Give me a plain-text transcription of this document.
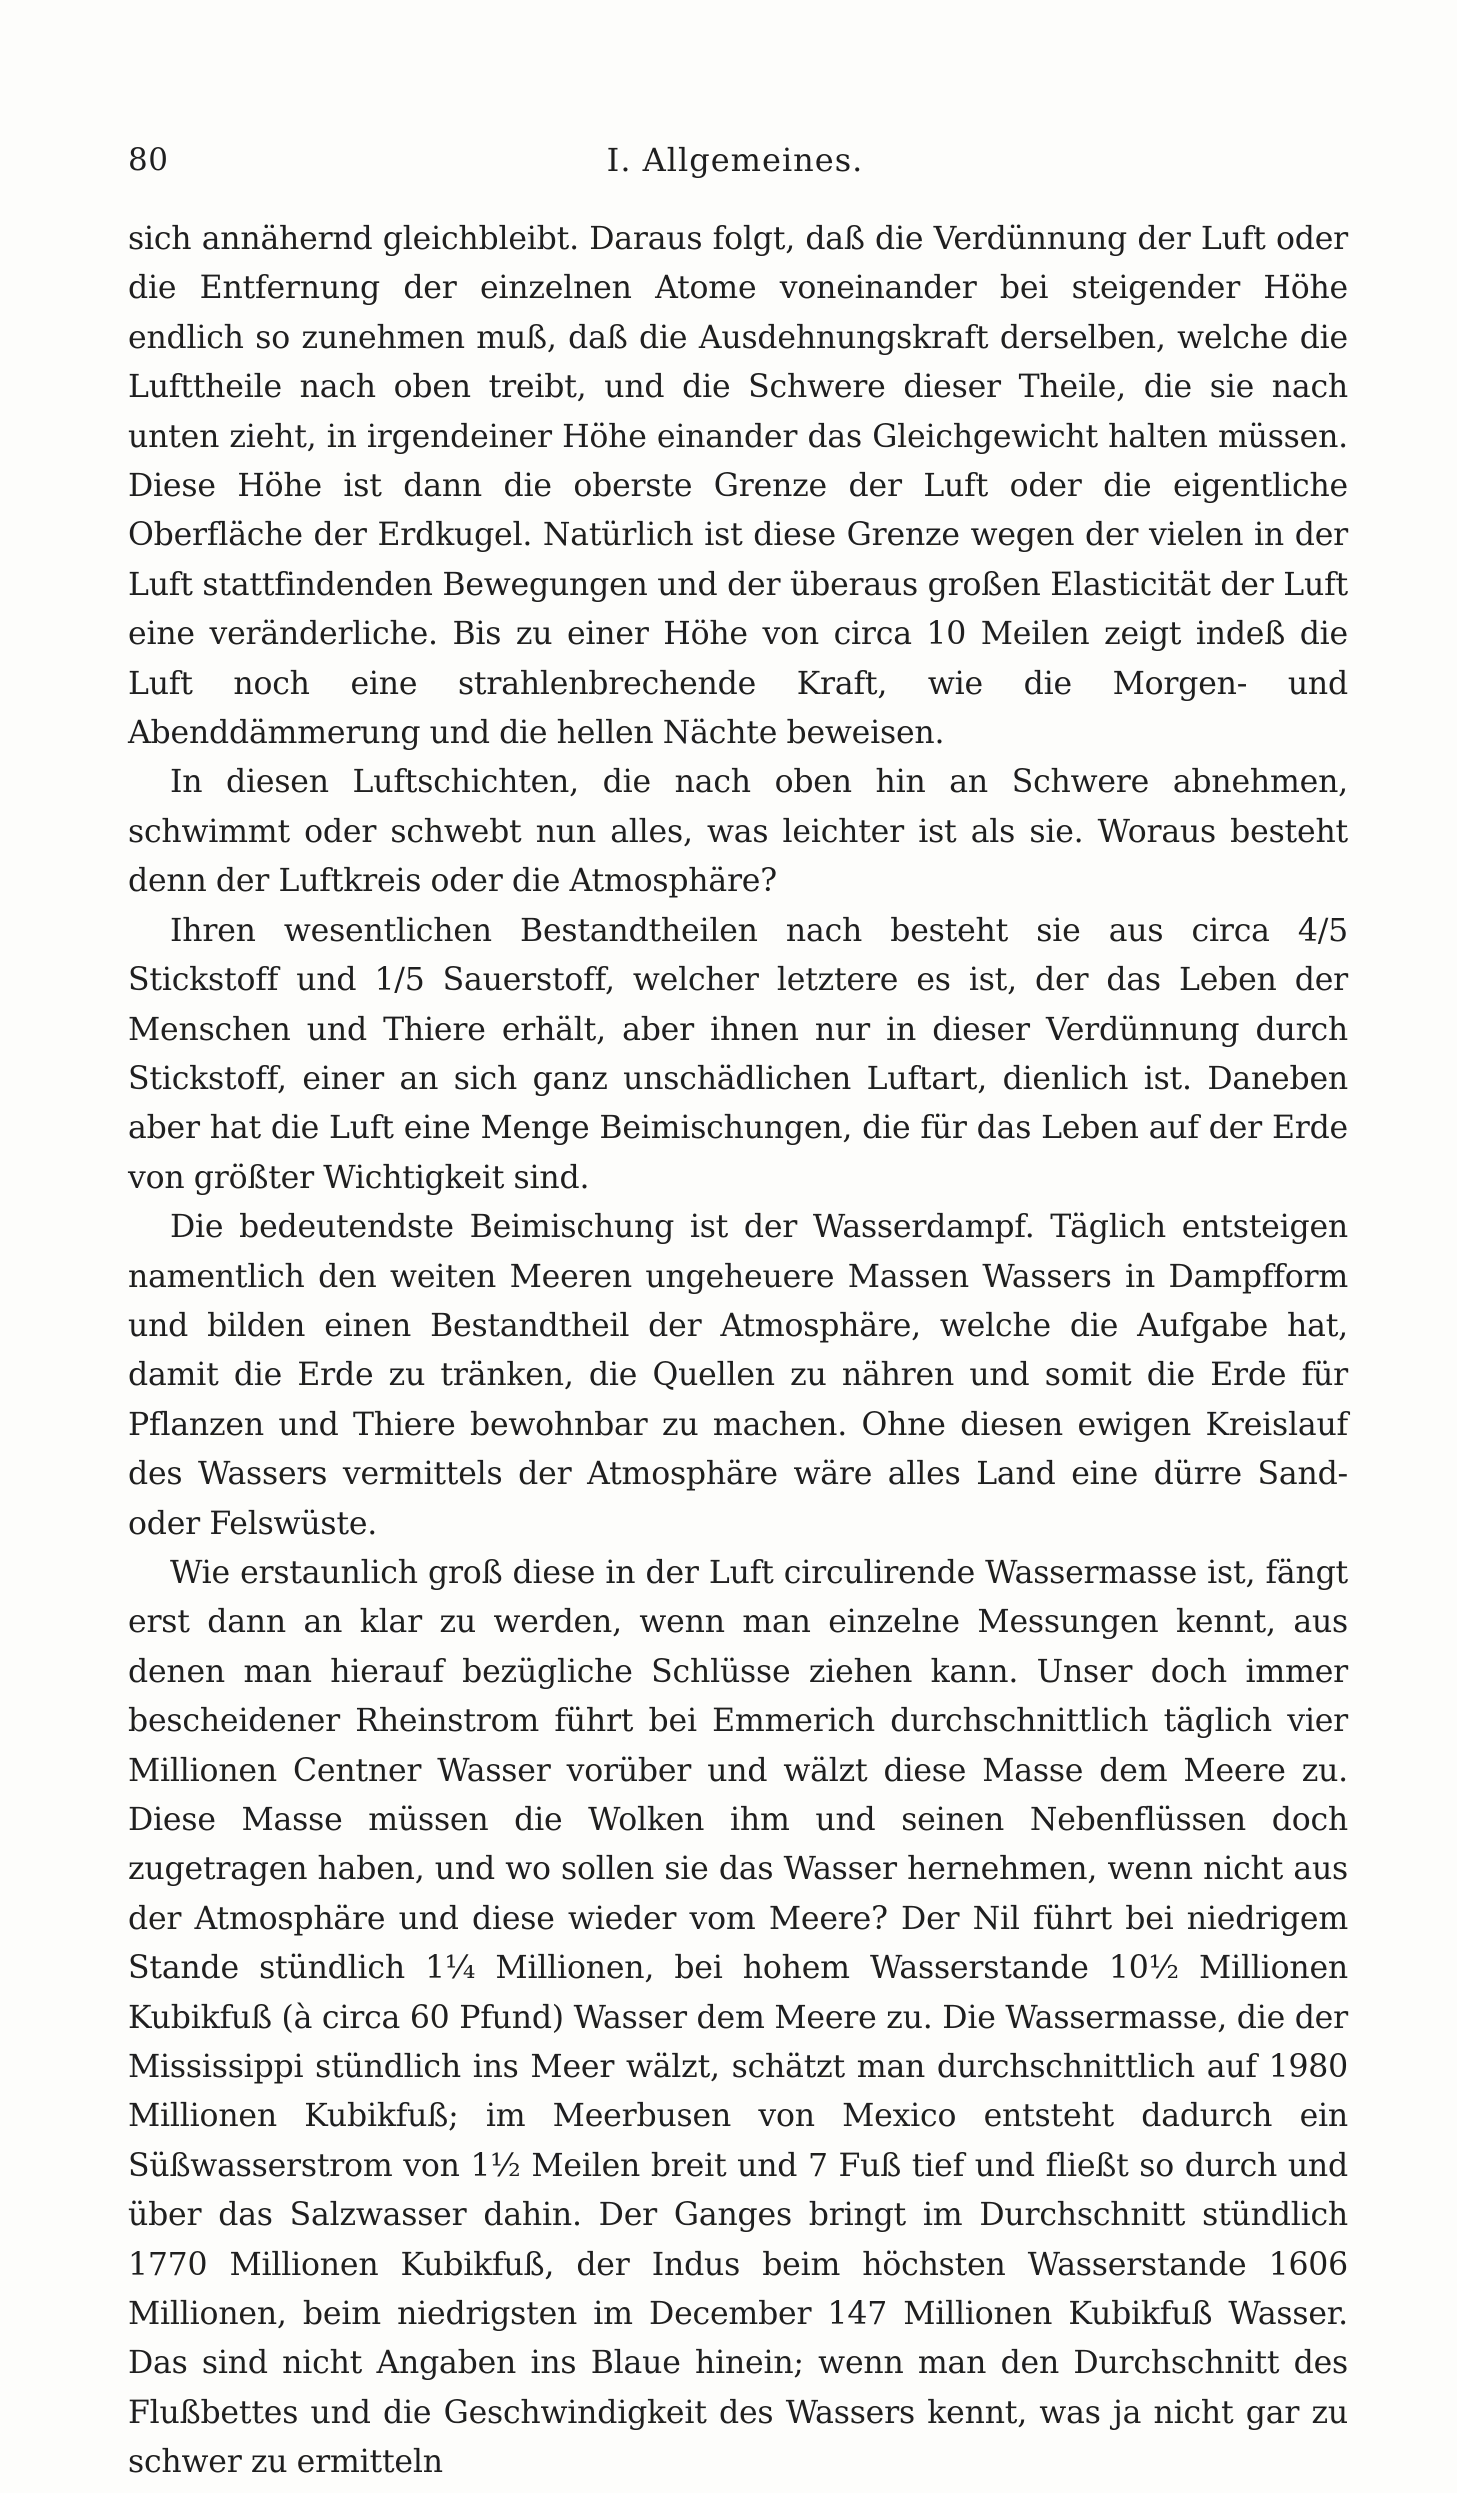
80	I. Allgemeines.

sich annähernd gleichbleibt. Daraus folgt, daß die Verdünnung der Luft oder die Entfernung der einzelnen Atome voneinander bei steigender Höhe endlich so zunehmen muß, daß die Ausdehnungskraft derselben, welche die Lufttheile nach oben treibt, und die Schwere dieser Theile, die sie nach unten zieht, in irgendeiner Höhe einander das Gleichgewicht halten müssen. Diese Höhe ist dann die oberste Grenze der Luft oder die eigentliche Oberfläche der Erdkugel. Natürlich ist diese Grenze wegen der vielen in der Luft stattfindenden Bewegungen und der überaus großen Elasticität der Luft eine veränderliche. Bis zu einer Höhe von circa 10 Meilen zeigt indeß die Luft noch eine strahlenbrechende Kraft, wie die Morgen- und Abenddämmerung und die hellen Nächte beweisen.

In diesen Luftschichten, die nach oben hin an Schwere abnehmen, schwimmt oder schwebt nun alles, was leichter ist als sie. Woraus besteht denn der Luftkreis oder die Atmosphäre?

Ihren wesentlichen Bestandtheilen nach besteht sie aus circa 4/5 Stickstoff und 1/5 Sauerstoff, welcher letztere es ist, der das Leben der Menschen und Thiere erhält, aber ihnen nur in dieser Verdünnung durch Stickstoff, einer an sich ganz unschädlichen Luftart, dienlich ist. Daneben aber hat die Luft eine Menge Beimischungen, die für das Leben auf der Erde von größter Wichtigkeit sind.

Die bedeutendste Beimischung ist der Wasserdampf. Täglich entsteigen namentlich den weiten Meeren ungeheuere Massen Wassers in Dampfform und bilden einen Bestandtheil der Atmosphäre, welche die Aufgabe hat, damit die Erde zu tränken, die Quellen zu nähren und somit die Erde für Pflanzen und Thiere bewohnbar zu machen. Ohne diesen ewigen Kreislauf des Wassers vermittels der Atmosphäre wäre alles Land eine dürre Sand- oder Felswüste.

Wie erstaunlich groß diese in der Luft circulirende Wassermasse ist, fängt erst dann an klar zu werden, wenn man einzelne Messungen kennt, aus denen man hierauf bezügliche Schlüsse ziehen kann. Unser doch immer bescheidener Rheinstrom führt bei Emmerich durchschnittlich täglich vier Millionen Centner Wasser vorüber und wälzt diese Masse dem Meere zu. Diese Masse müssen die Wolken ihm und seinen Nebenflüssen doch zugetragen haben, und wo sollen sie das Wasser hernehmen, wenn nicht aus der Atmosphäre und diese wieder vom Meere? Der Nil führt bei niedrigem Stande stündlich 1¼ Millionen, bei hohem Wasserstande 10½ Millionen Kubikfuß (à circa 60 Pfund) Wasser dem Meere zu. Die Wassermasse, die der Mississippi stündlich ins Meer wälzt, schätzt man durchschnittlich auf 1980 Millionen Kubikfuß; im Meerbusen von Mexico entsteht dadurch ein Süßwasserstrom von 1½ Meilen breit und 7 Fuß tief und fließt so durch und über das Salzwasser dahin. Der Ganges bringt im Durchschnitt stündlich 1770 Millionen Kubikfuß, der Indus beim höchsten Wasserstande 1606 Millionen, beim niedrigsten im December 147 Millionen Kubikfuß Wasser. Das sind nicht Angaben ins Blaue hinein; wenn man den Durchschnitt des Flußbettes und die Geschwindigkeit des Wassers kennt, was ja nicht gar zu schwer zu ermitteln
